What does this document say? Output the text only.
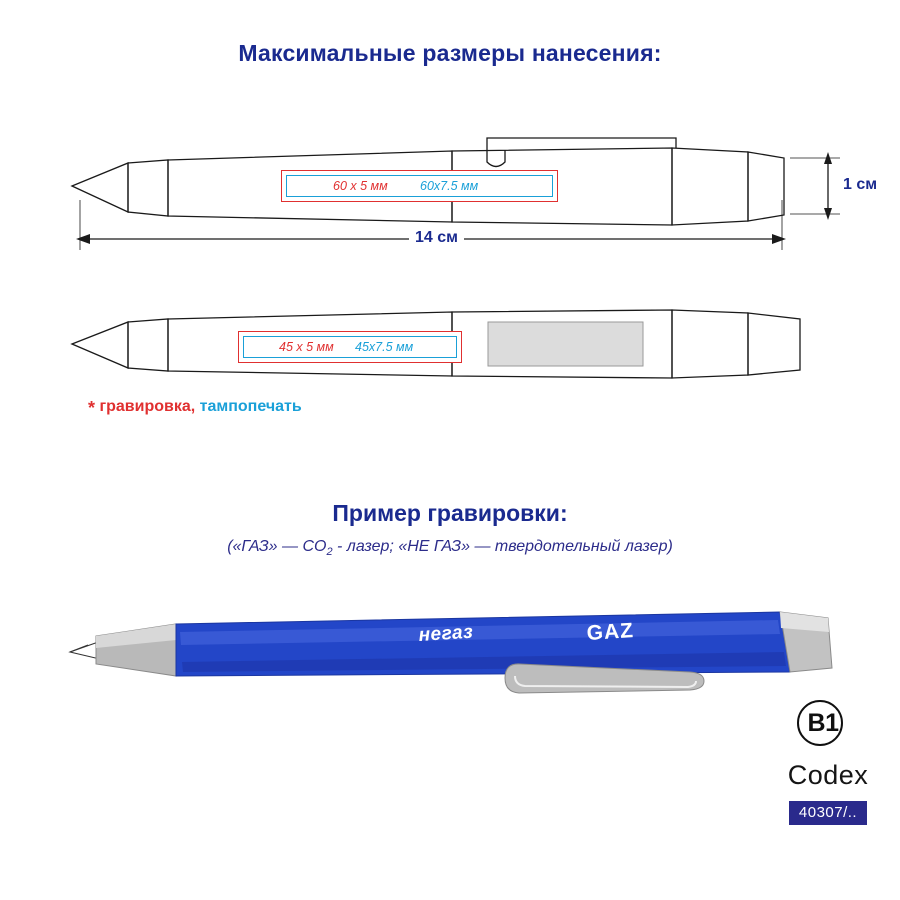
Максимальные размеры нанесения:
60 x 5 мм	60x7.5 мм
14 см
1 см
45 x 5 мм 45x7.5 мм
* гравировка, тампопечать
Пример гравировки:
(«ГАЗ» — $CO_2$ - лазер; «НЕ ГАЗ» — твердотельный лазер)
негаз	GAZ
B1
Codex
40307/..
